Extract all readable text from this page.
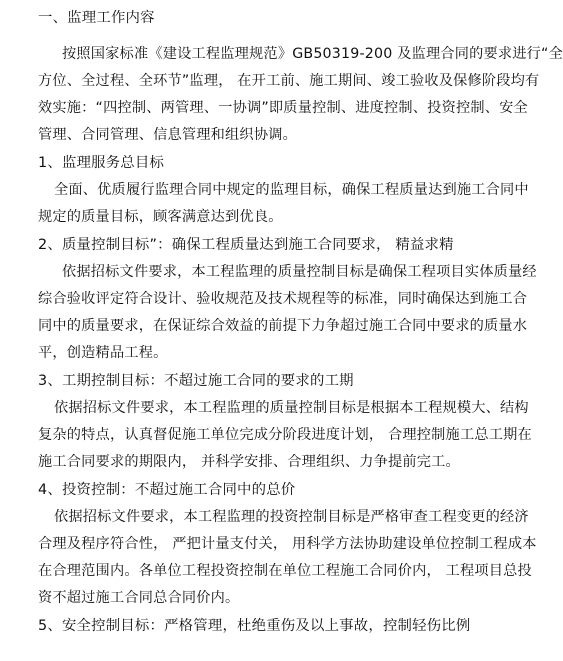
一、监理工作内容
按照国家标准《建设工程监理规范》GB50319-200 及监理合同的要求进行“全
方位、全过程、全环节”监理， 在开工前、施工期间、竣工验收及保修阶段均有
效实施：“四控制、两管理、一协调”即质量控制、进度控制、投资控制、安全
管理、合同管理、信息管理和组织协调。
1、监理服务总目标
全面、优质履行监理合同中规定的监理目标，确保工程质量达到施工合同中
规定的质量目标，顾客满意达到优良。
2、质量控制目标”：确保工程质量达到施工合同要求， 精益求精
依据招标文件要求，本工程监理的质量控制目标是确保工程项目实体质量经
综合验收评定符合设计、验收规范及技术规程等的标准，同时确保达到施工合
同中的质量要求，在保证综合效益的前提下力争超过施工合同中要求的质量水
平，创造精品工程。
3、工期控制目标：不超过施工合同的要求的工期
依据招标文件要求，本工程监理的质量控制目标是根据本工程规模大、结构
复杂的特点，认真督促施工单位完成分阶段进度计划， 合理控制施工总工期在
施工合同要求的期限内， 并科学安排、合理组织、力争提前完工。
4、投资控制：不超过施工合同中的总价
依据招标文件要求，本工程监理的投资控制目标是严格审查工程变更的经济
合理及程序符合性， 严把计量支付关， 用科学方法协助建设单位控制工程成本
在合理范围内。各单位工程投资控制在单位工程施工合同价内， 工程项目总投
资不超过施工合同总合同价内。
5、安全控制目标：严格管理，杜绝重伤及以上事故，控制轻伤比例
